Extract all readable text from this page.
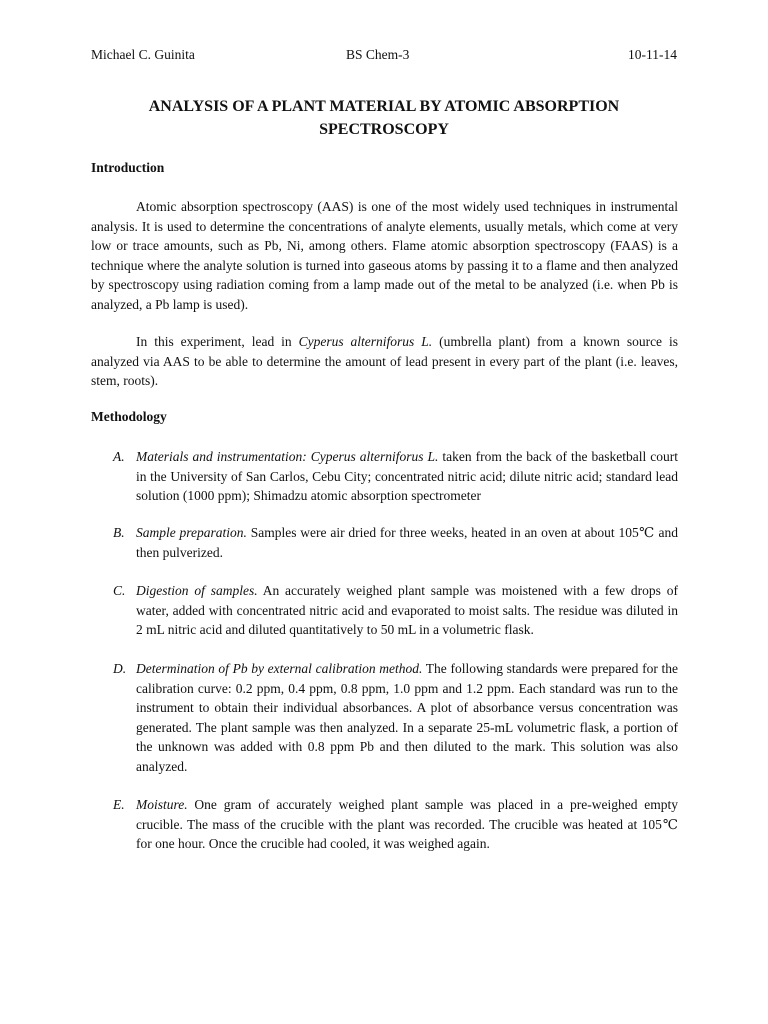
Michael C. Guinita	BS Chem-3	10-11-14
ANALYSIS OF A PLANT MATERIAL BY ATOMIC ABSORPTION
SPECTROSCOPY
Introduction

Atomic absorption spectroscopy (AAS) is one of the most widely used techniques in instrumental analysis. It is used to determine the concentrations of analyte elements, usually metals, which come at very low or trace amounts, such as Pb, Ni, among others. Flame atomic absorption spectroscopy (FAAS) is a technique where the analyte solution is turned into gaseous atoms by passing it to a flame and then analyzed by spectroscopy using radiation coming from a lamp made out of the metal to be analyzed (i.e. when Pb is analyzed, a Pb lamp is used).

In this experiment, lead in Cyperus alterniforus L. (umbrella plant) from a known source is analyzed via AAS to be able to determine the amount of lead present in every part of the plant (i.e. leaves, stem, roots).

Methodology
A. Materials and instrumentation: Cyperus alterniforus L. taken from the back of the basketball court in the University of San Carlos, Cebu City; concentrated nitric acid; dilute nitric acid; standard lead solution (1000 ppm); Shimadzu atomic absorption spectrometer
B. Sample preparation. Samples were air dried for three weeks, heated in an oven at about 105℃ and then pulverized.
C. Digestion of samples. An accurately weighed plant sample was moistened with a few drops of water, added with concentrated nitric acid and evaporated to moist salts. The residue was diluted in 2 mL nitric acid and diluted quantitatively to 50 mL in a volumetric flask.
D. Determination of Pb by external calibration method. The following standards were prepared for the calibration curve: 0.2 ppm, 0.4 ppm, 0.8 ppm, 1.0 ppm and 1.2 ppm. Each standard was run to the instrument to obtain their individual absorbances. A plot of absorbance versus concentration was generated. The plant sample was then analyzed. In a separate 25-mL volumetric flask, a portion of the unknown was added with 0.8 ppm Pb and then diluted to the mark. This solution was also analyzed.
E. Moisture. One gram of accurately weighed plant sample was placed in a pre-weighed empty crucible. The mass of the crucible with the plant was recorded. The crucible was heated at 105℃ for one hour. Once the crucible had cooled, it was weighed again.
